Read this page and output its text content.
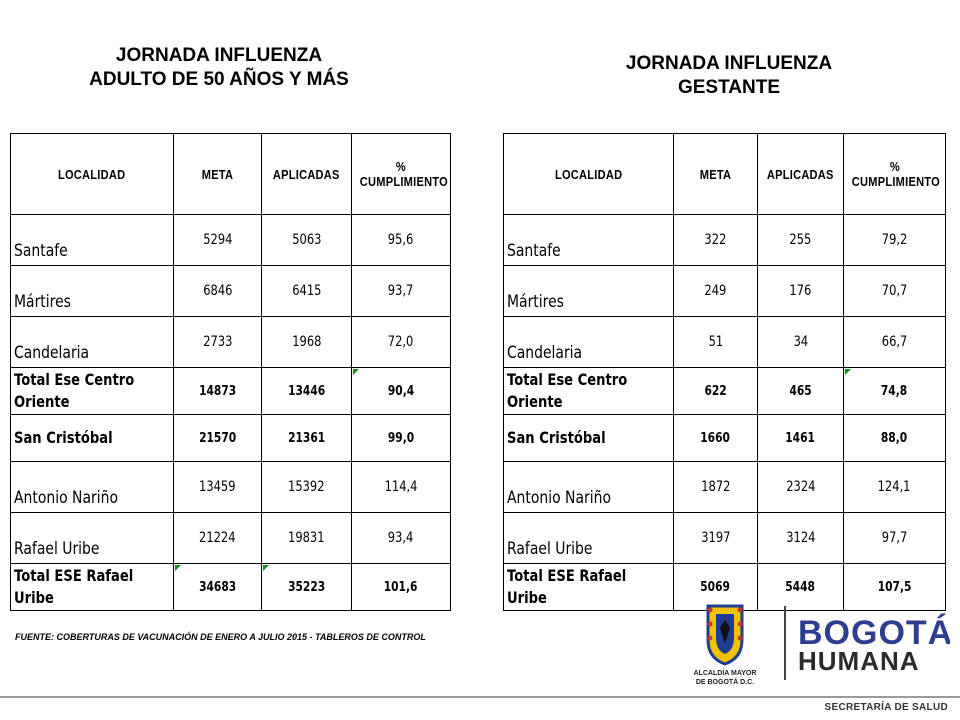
JORNADA INFLUENZA
ADULTO DE 50 AÑOS Y MÁS
JORNADA INFLUENZA
GESTANTE
LOCALIDAD	META	APLICADAS	%
CUMPLIMIENTO
Santafe	5294	5063	95,6
Mártires	6846	6415	93,7
Candelaria	2733	1968	72,0
Total Ese Centro Oriente	14873	13446	90,4
San Cristóbal	21570	21361	99,0
Antonio Nariño	13459	15392	114,4
Rafael Uribe	21224	19831	93,4
Total ESE Rafael Uribe	34683	35223	101,6
LOCALIDAD	META	APLICADAS	%
CUMPLIMIENTO
Santafe	322	255	79,2
Mártires	249	176	70,7
Candelaria	51	34	66,7
Total Ese Centro Oriente	622	465	74,8
San Cristóbal	1660	1461	88,0
Antonio Nariño	1872	2324	124,1
Rafael Uribe	3197	3124	97,7
Total ESE Rafael Uribe	5069	5448	107,5
FUENTE: COBERTURAS DE VACUNACIÓN DE ENERO A JULIO 2015 - TABLEROS DE CONTROL
ALCALDÍA MAYOR
DE BOGOTÁ D.C.
BOGOTÁ
HUMANA
SECRETARÍA DE SALUD
